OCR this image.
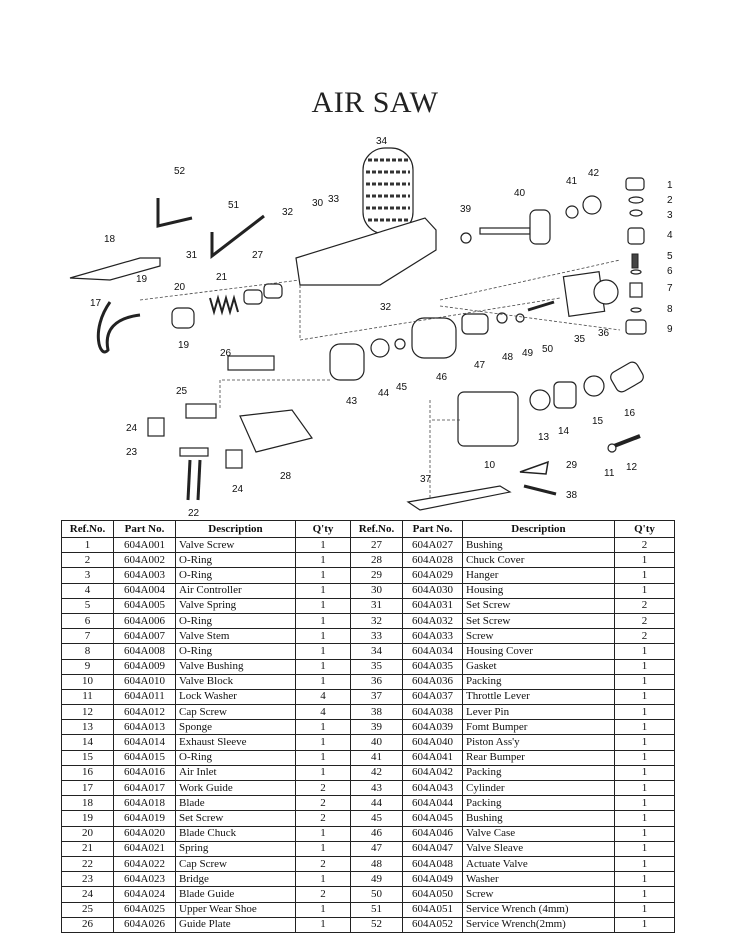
AIR SAW
1
2
3
4
5
6
7
8
9
10
11
12
13
14
15
16
17
18
19
19
20
21
22
23
24
24
25
26
27
28
29
30
31
32
32
33
34
35
36
37
38
39
40
41
42
43
44
45
46
47
48 49 50
51
52
Ref.No.	Part No.	Description	Q'ty	Ref.No.	Part No.	Description	Q'ty
1	604A001	Valve Screw	1	27	604A027	Bushing	2
2	604A002	O-Ring	1	28	604A028	Chuck Cover	1
3	604A003	O-Ring	1	29	604A029	Hanger	1
4	604A004	Air Controller	1	30	604A030	Housing	1
5	604A005	Valve Spring	1	31	604A031	Set Screw	2
6	604A006	O-Ring	1	32	604A032	Set Screw	2
7	604A007	Valve Stem	1	33	604A033	Screw	2
8	604A008	O-Ring	1	34	604A034	Housing Cover	1
9	604A009	Valve Bushing	1	35	604A035	Gasket	1
10	604A010	Valve Block	1	36	604A036	Packing	1
11	604A011	Lock Washer	4	37	604A037	Throttle Lever	1
12	604A012	Cap Screw	4	38	604A038	Lever Pin	1
13	604A013	Sponge	1	39	604A039	Fomt Bumper	1
14	604A014	Exhaust Sleeve	1	40	604A040	Piston Ass'y	1
15	604A015	O-Ring	1	41	604A041	Rear Bumper	1
16	604A016	Air Inlet	1	42	604A042	Packing	1
17	604A017	Work Guide	2	43	604A043	Cylinder	1
18	604A018	Blade	2	44	604A044	Packing	1
19	604A019	Set Screw	2	45	604A045	Bushing	1
20	604A020	Blade Chuck	1	46	604A046	Valve Case	1
21	604A021	Spring	1	47	604A047	Valve Sleave	1
22	604A022	Cap Screw	2	48	604A048	Actuate Valve	1
23	604A023	Bridge	1	49	604A049	Washer	1
24	604A024	Blade Guide	2	50	604A050	Screw	1
25	604A025	Upper Wear Shoe	1	51	604A051	Service Wrench (4mm)	1
26	604A026	Guide Plate	1	52	604A052	Service Wrench(2mm)	1
